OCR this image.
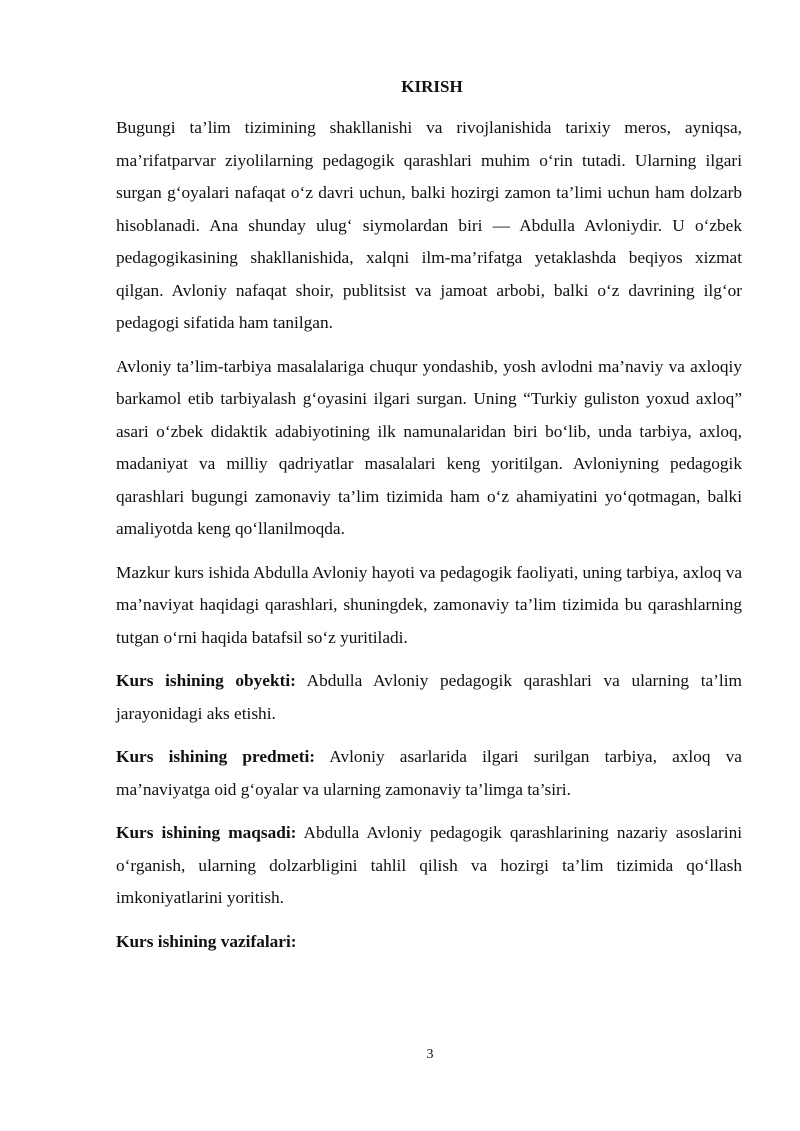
KIRISH

Bugungi ta’lim tizimining shakllanishi va rivojlanishida tarixiy meros, ayniqsa, ma’rifatparvar ziyolilarning pedagogik qarashlari muhim o‘rin tutadi. Ularning ilgari surgan g‘oyalari nafaqat o‘z davri uchun, balki hozirgi zamon ta’limi uchun ham dolzarb hisoblanadi. Ana shunday ulug‘ siymolardan biri — Abdulla Avloniydir. U o‘zbek pedagogikasining shakllanishida, xalqni ilm-ma’rifatga yetaklashda beqiyos xizmat qilgan. Avloniy nafaqat shoir, publitsist va jamoat arbobi, balki o‘z davrining ilg‘or pedagogi sifatida ham tanilgan.

Avloniy ta’lim-tarbiya masalalariga chuqur yondashib, yosh avlodni ma’naviy va axloqiy barkamol etib tarbiyalash g‘oyasini ilgari surgan. Uning “Turkiy guliston yoxud axloq” asari o‘zbek didaktik adabiyotining ilk namunalaridan biri bo‘lib, unda tarbiya, axloq, madaniyat va milliy qadriyatlar masalalari keng yoritilgan. Avloniyning pedagogik qarashlari bugungi zamonaviy ta’lim tizimida ham o‘z ahamiyatini yo‘qotmagan, balki amaliyotda keng qo‘llanilmoqda.

Mazkur kurs ishida Abdulla Avloniy hayoti va pedagogik faoliyati, uning tarbiya, axloq va ma’naviyat haqidagi qarashlari, shuningdek, zamonaviy ta’lim tizimida bu qarashlarning tutgan o‘rni haqida batafsil so‘z yuritiladi.

Kurs ishining obyekti: Abdulla Avloniy pedagogik qarashlari va ularning ta’lim jarayonidagi aks etishi.

Kurs ishining predmeti: Avloniy asarlarida ilgari surilgan tarbiya, axloq va ma’naviyatga oid g‘oyalar va ularning zamonaviy ta’limga ta’siri.

Kurs ishining maqsadi: Abdulla Avloniy pedagogik qarashlarining nazariy asoslarini o‘rganish, ularning dolzarbligini tahlil qilish va hozirgi ta’lim tizimida qo‘llash imkoniyatlarini yoritish.

Kurs ishining vazifalari:

3
